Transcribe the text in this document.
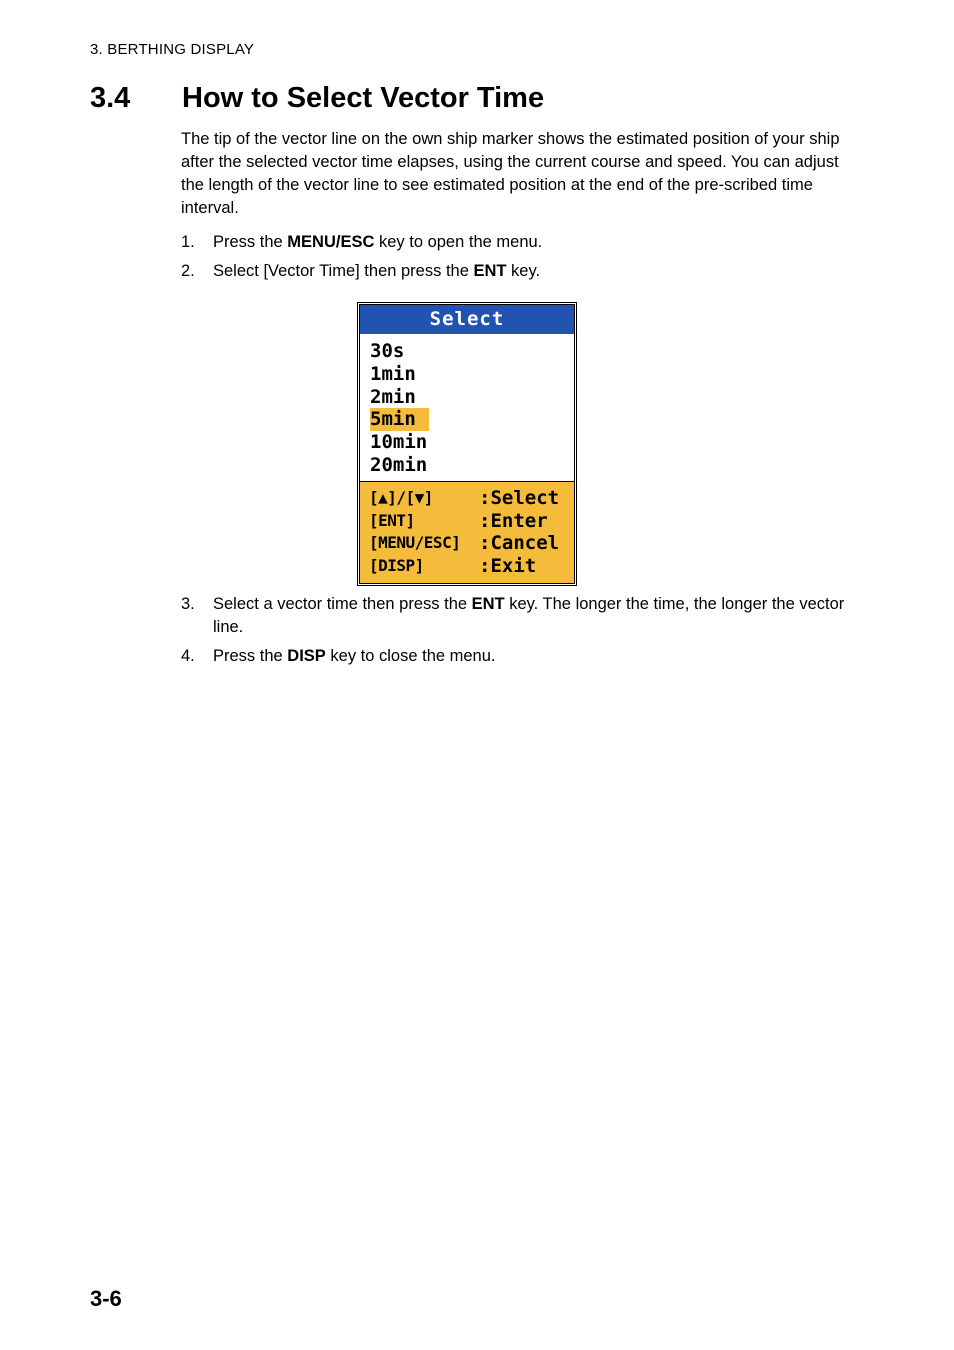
3. BERTHING DISPLAY
3.4 How to Select Vector Time

The tip of the vector line on the own ship marker shows the estimated position of your ship after the selected vector time elapses, using the current course and speed. You can adjust the length of the vector line to see estimated position at the end of the pre-scribed time interval.

1. Press the MENU/ESC key to open the menu.
2. Select [Vector Time] then press the ENT key.
Select
30s
1min
2min
5min
10min
20min
[▲]/[▼]	: Select
[ENT]	: Enter
[MENU/ESC] : Cancel
[DISP]	: Exit
3. Select a vector time then press the ENT key. The longer the time, the longer the vector line.
4. Press the DISP key to close the menu.
3-6
